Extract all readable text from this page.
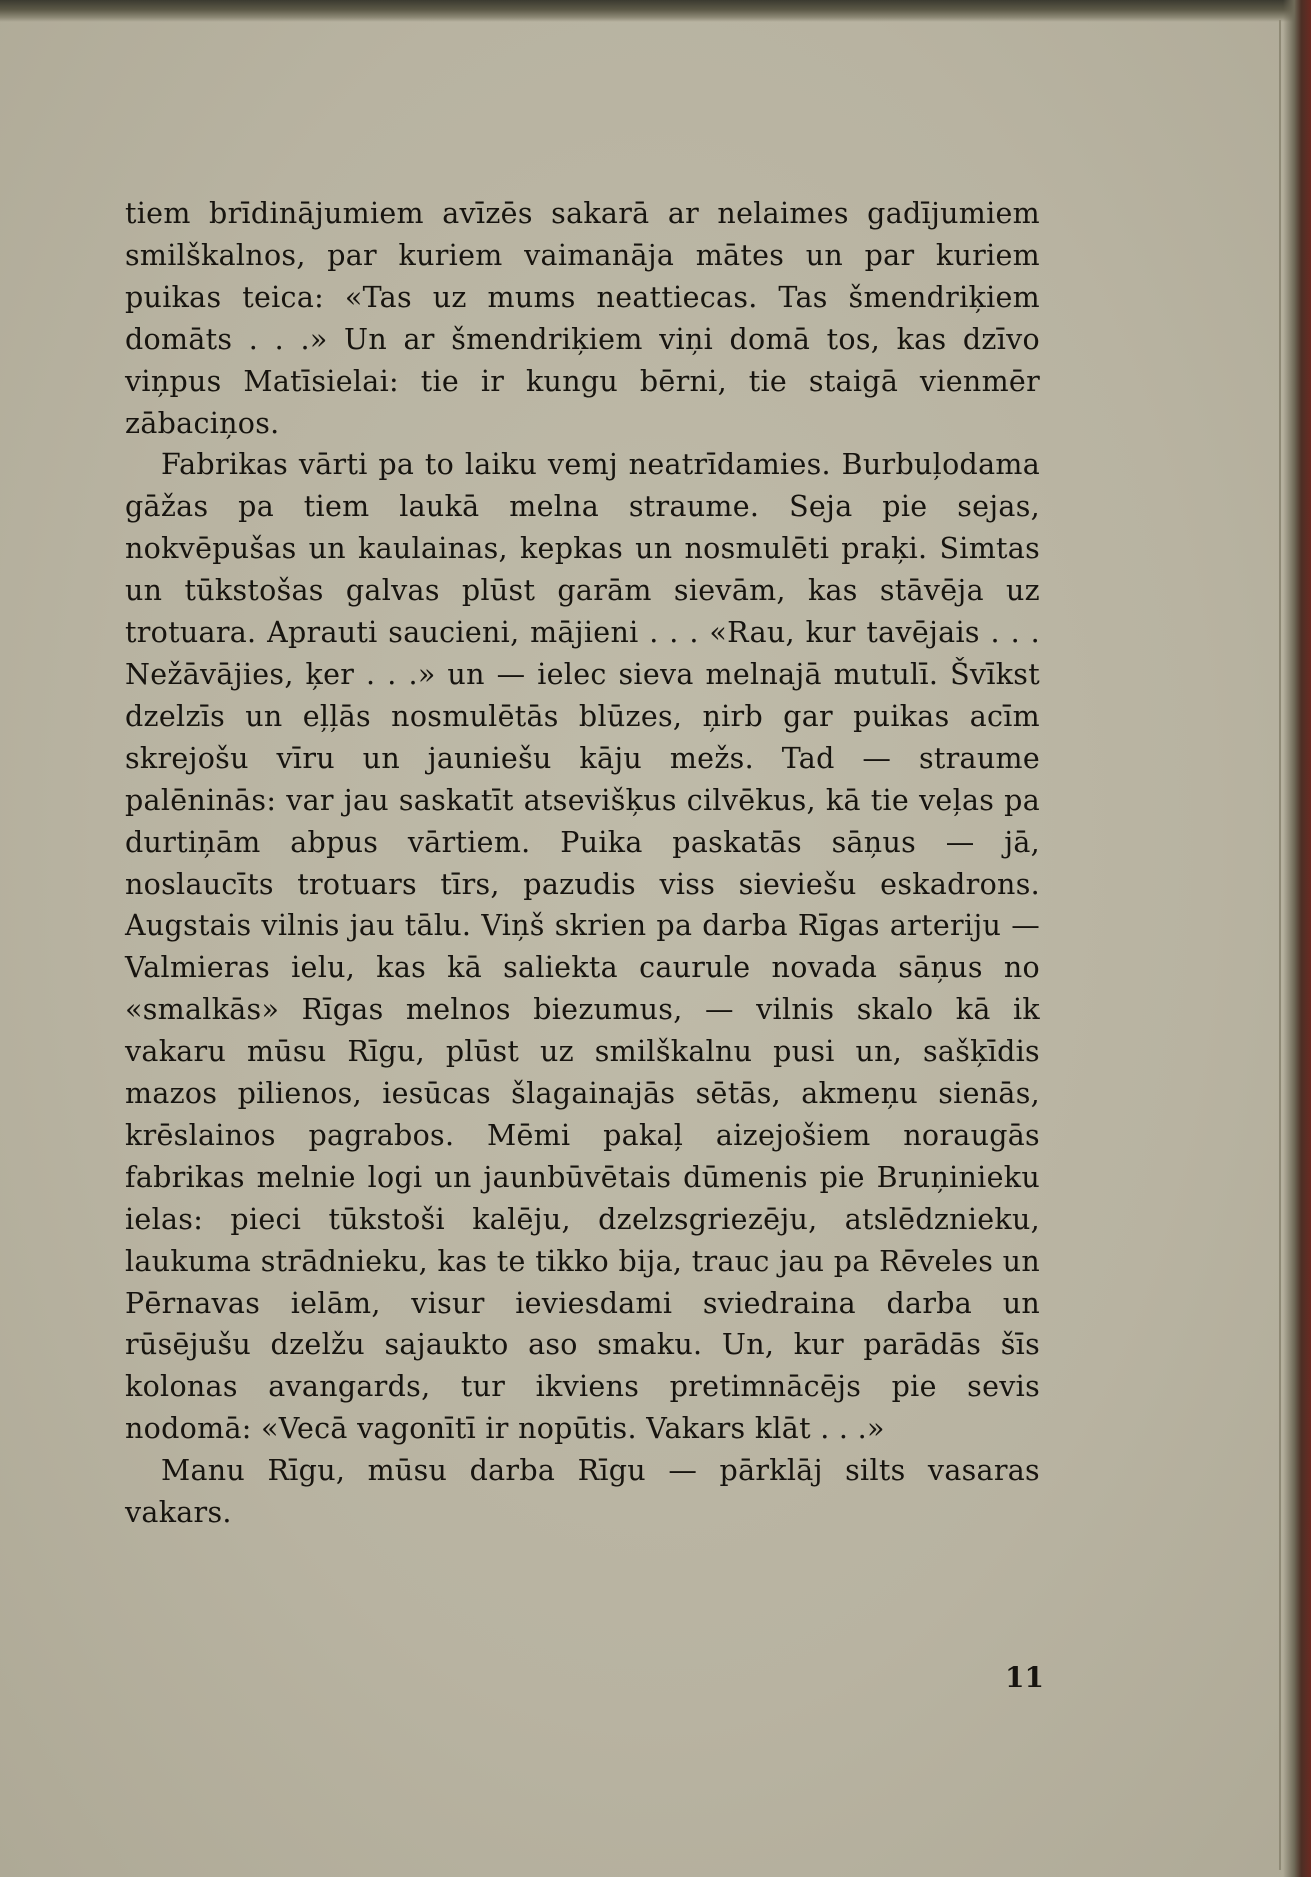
tiem brīdinājumiem avīzēs sakarā ar nelaimes gadījumiem smilškalnos, par kuriem vaimanāja mātes un par kuriem puikas teica: «Tas uz mums neattiecas. Tas šmendriķiem domāts . . .» Un ar šmendriķiem viņi domā tos, kas dzīvo viņpus Matīsielai: tie ir kungu bērni, tie staigā vienmēr zābaciņos.

Fabrikas vārti pa to laiku vemj neatrīdamies. Burbuļodama gāžas pa tiem laukā melna straume. Seja pie sejas, nokvēpušas un kaulainas, kepkas un nosmulēti praķi. Simtas un tūkstošas galvas plūst garām sievām, kas stāvēja uz trotuara. Aprauti saucieni, mājieni . . . «Rau, kur tavējais . . . Nežāvājies, ķer . . .» un — ielec sieva melnajā mutulī. Švīkst dzelzīs un eļļās nosmulētās blūzes, ņirb gar puikas acīm skrejošu vīru un jauniešu kāju mežs. Tad — straume palēninās: var jau saskatīt atsevišķus cilvēkus, kā tie veļas pa durtiņām abpus vārtiem. Puika paskatās sāņus — jā, noslaucīts trotuars tīrs, pazudis viss sieviešu eskadrons. Augstais vilnis jau tālu. Viņš skrien pa darba Rīgas arteriju — Valmieras ielu, kas kā saliekta caurule novada sāņus no «smalkās» Rīgas melnos biezumus, — vilnis skalo kā ik vakaru mūsu Rīgu, plūst uz smilškalnu pusi un, sašķīdis mazos pilienos, iesūcas šlagainajās sētās, akmeņu sienās, krēslainos pagrabos. Mēmi pakaļ aizejošiem noraugās fabrikas melnie logi un jaunbūvētais dūmenis pie Bruņinieku ielas: pieci tūkstoši kalēju, dzelzsgriezēju, atslēdznieku, laukuma strādnieku, kas te tikko bija, trauc jau pa Rēveles un Pērnavas ielām, visur ieviesdami sviedraina darba un rūsējušu dzelžu sajaukto aso smaku. Un, kur parādās šīs kolonas avangards, tur ikviens pretimnācējs pie sevis nodomā: «Vecā vagonītī ir nopūtis. Vakars klāt . . .»

Manu Rīgu, mūsu darba Rīgu — pārklāj silts vasaras vakars.

11
